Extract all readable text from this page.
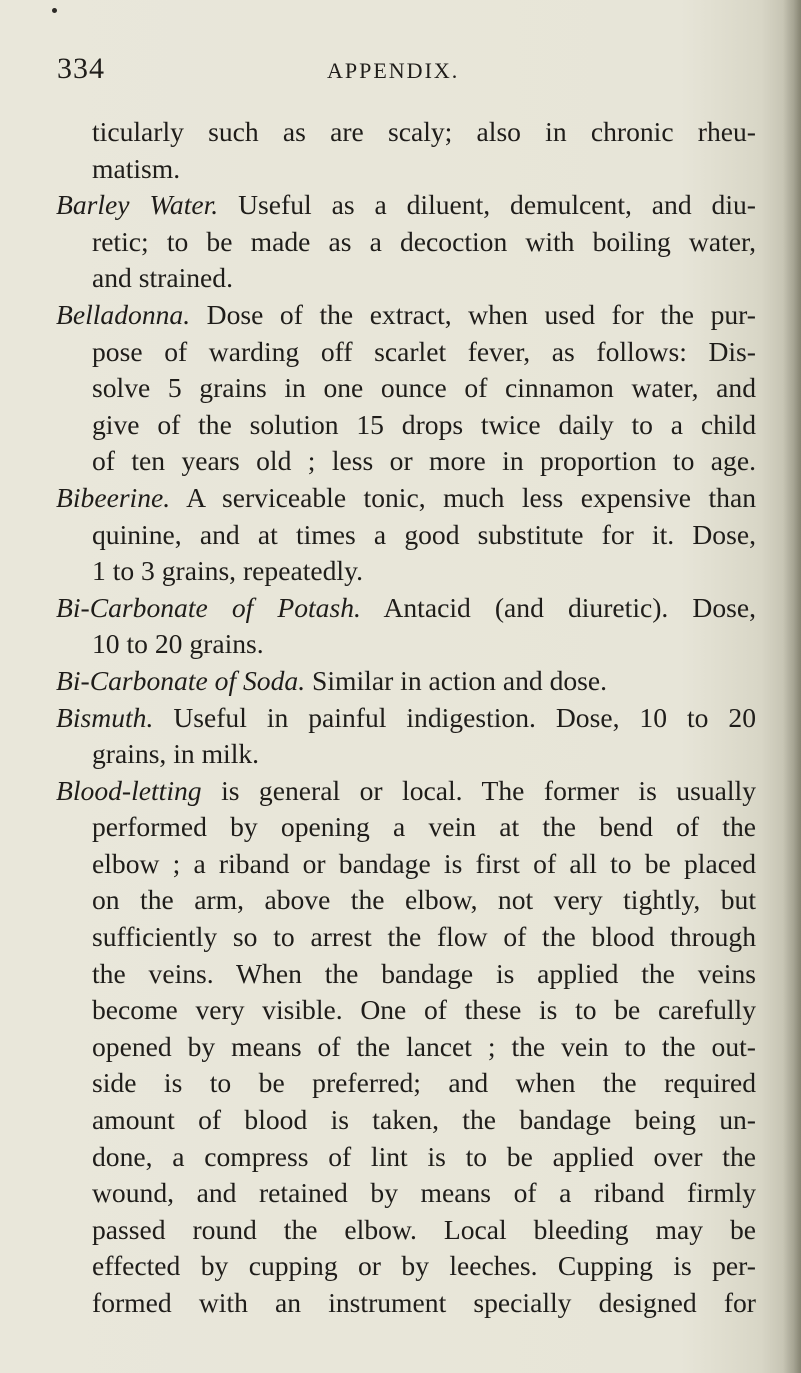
334	APPENDIX.
ticularly such as are scaly; also in chronic rheu-
matism.
Barley Water. Useful as a diluent, demulcent, and diu-
retic; to be made as a decoction with boiling water,
and strained.
Belladonna. Dose of the extract, when used for the pur-
pose of warding off scarlet fever, as follows: Dis-
solve 5 grains in one ounce of cinnamon water, and
give of the solution 15 drops twice daily to a child
of ten years old ; less or more in proportion to age.
Bibeerine. A serviceable tonic, much less expensive than
quinine, and at times a good substitute for it. Dose,
1 to 3 grains, repeatedly.
Bi-Carbonate of Potash. Antacid (and diuretic). Dose,
10 to 20 grains.
Bi-Carbonate of Soda. Similar in action and dose.
Bismuth. Useful in painful indigestion. Dose, 10 to 20
grains, in milk.
Blood-letting is general or local. The former is usually
performed by opening a vein at the bend of the
elbow ; a riband or bandage is first of all to be placed
on the arm, above the elbow, not very tightly, but
sufficiently so to arrest the flow of the blood through
the veins. When the bandage is applied the veins
become very visible. One of these is to be carefully
opened by means of the lancet ; the vein to the out-
side is to be preferred; and when the required
amount of blood is taken, the bandage being un-
done, a compress of lint is to be applied over the
wound, and retained by means of a riband firmly
passed round the elbow. Local bleeding may be
effected by cupping or by leeches. Cupping is per-
formed with an instrument specially designed for
